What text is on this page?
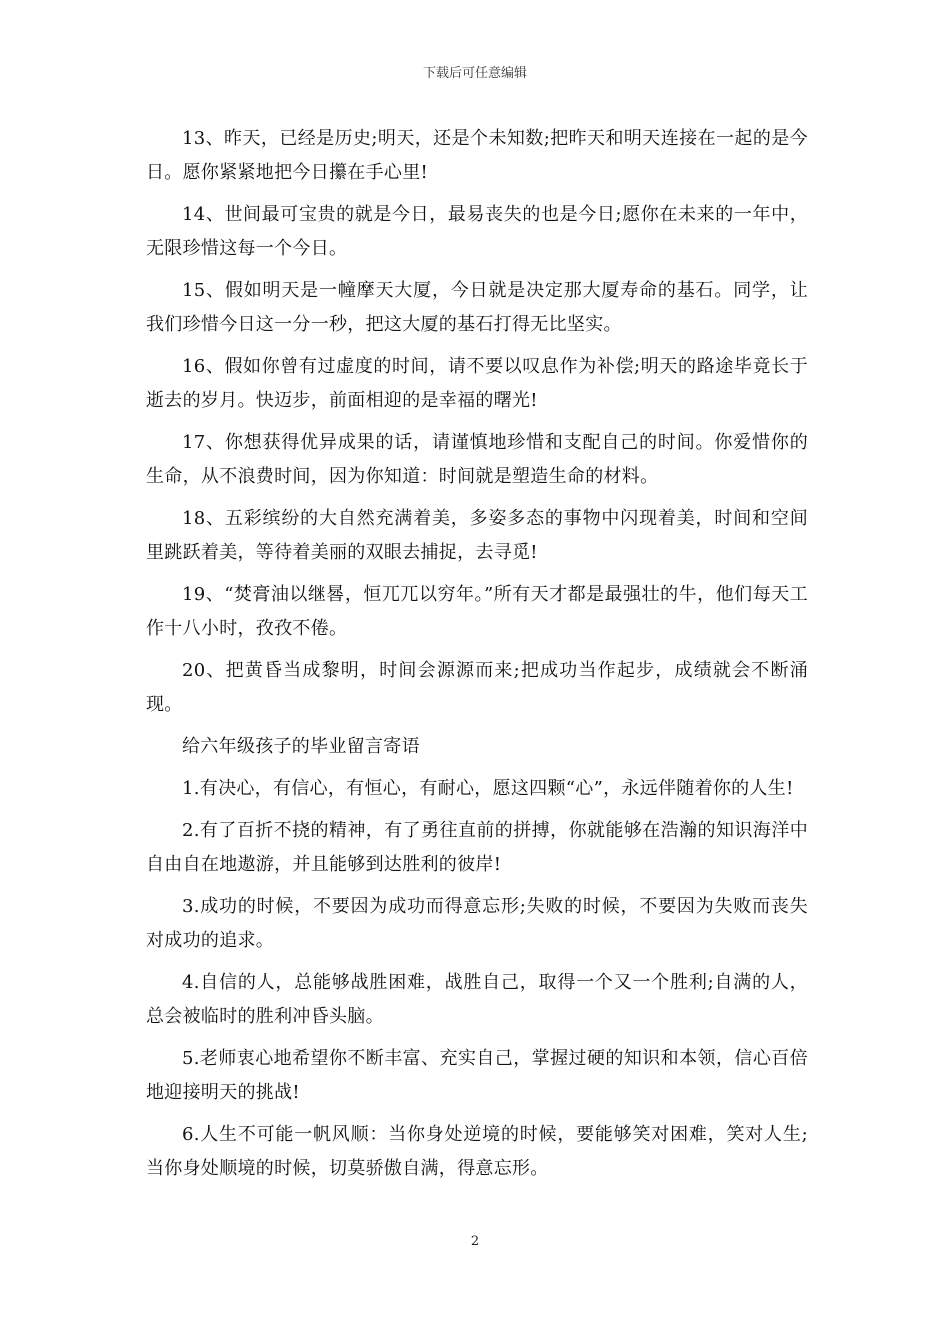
下载后可任意编辑

13、昨天，已经是历史;明天，还是个未知数;把昨天和明天连接在一起的是今日。愿你紧紧地把今日攥在手心里!

14、世间最可宝贵的就是今日，最易丧失的也是今日;愿你在未来的一年中，无限珍惜这每一个今日。

15、假如明天是一幢摩天大厦，今日就是决定那大厦寿命的基石。同学，让我们珍惜今日这一分一秒，把这大厦的基石打得无比坚实。

16、假如你曾有过虚度的时间，请不要以叹息作为补偿;明天的路途毕竟长于逝去的岁月。快迈步，前面相迎的是幸福的曙光!

17、你想获得优异成果的话，请谨慎地珍惜和支配自己的时间。你爱惜你的生命，从不浪费时间，因为你知道：时间就是塑造生命的材料。

18、五彩缤纷的大自然充满着美，多姿多态的事物中闪现着美，时间和空间里跳跃着美，等待着美丽的双眼去捕捉，去寻觅!

19、“焚膏油以继晷，恒兀兀以穷年。”所有天才都是最强壮的牛，他们每天工作十八小时，孜孜不倦。

20、把黄昏当成黎明，时间会源源而来;把成功当作起步，成绩就会不断涌现。

给六年级孩子的毕业留言寄语

1.有决心，有信心，有恒心，有耐心，愿这四颗“心”，永远伴随着你的人生!

2.有了百折不挠的精神，有了勇往直前的拼搏，你就能够在浩瀚的知识海洋中自由自在地遨游，并且能够到达胜利的彼岸!

3.成功的时候，不要因为成功而得意忘形;失败的时候，不要因为失败而丧失对成功的追求。

4.自信的人，总能够战胜困难，战胜自己，取得一个又一个胜利;自满的人，总会被临时的胜利冲昏头脑。

5.老师衷心地希望你不断丰富、充实自己，掌握过硬的知识和本领，信心百倍地迎接明天的挑战!

6.人生不可能一帆风顺：当你身处逆境的时候，要能够笑对困难，笑对人生;当你身处顺境的时候，切莫骄傲自满，得意忘形。

2
